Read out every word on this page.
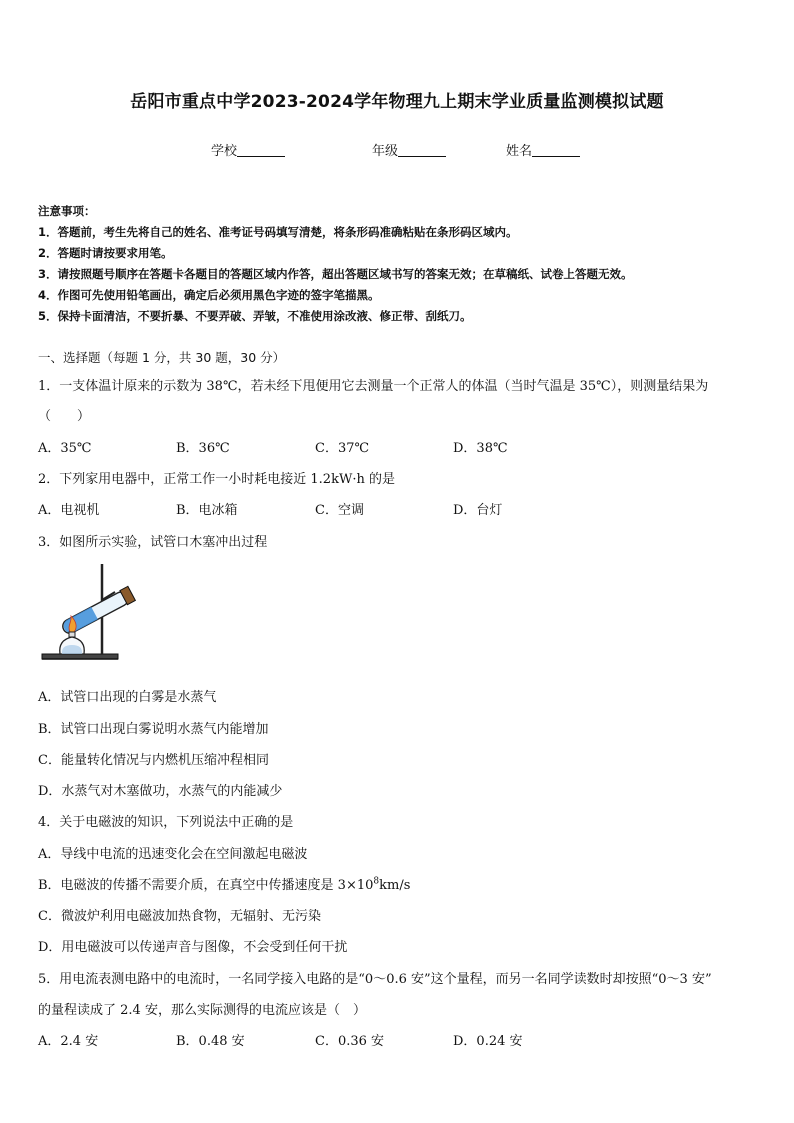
岳阳市重点中学2023-2024学年物理九上期末学业质量监测模拟试题
学校	年级	姓名
注意事项：
1．答题前，考生先将自己的姓名、准考证号码填写清楚，将条形码准确粘贴在条形码区域内。
2．答题时请按要求用笔。
3．请按照题号顺序在答题卡各题目的答题区域内作答，超出答题区域书写的答案无效；在草稿纸、试卷上答题无效。
4．作图可先使用铅笔画出，确定后必须用黑色字迹的签字笔描黑。
5．保持卡面清洁，不要折暴、不要弄破、弄皱，不准使用涂改液、修正带、刮纸刀。
一、选择题（每题 1 分，共 30 题，30 分）
1．一支体温计原来的示数为 38℃，若未经下甩便用它去测量一个正常人的体温（当时气温是 35℃），则测量结果为
（　　）
A．35℃	B．36℃	C．37℃	D．38℃
2．下列家用电器中，正常工作一小时耗电接近 1.2kW·h 的是
A．电视机	B．电冰箱	C．空调	D．台灯
3．如图所示实验，试管口木塞冲出过程
A．试管口出现的白雾是水蒸气
B．试管口出现白雾说明水蒸气内能增加
C．能量转化情况与内燃机压缩冲程相同
D．水蒸气对木塞做功，水蒸气的内能减少
4．关于电磁波的知识，下列说法中正确的是
A．导线中电流的迅速变化会在空间激起电磁波
B．电磁波的传播不需要介质，在真空中传播速度是 $3\times 10^8km/s$
C．微波炉利用电磁波加热食物，无辐射、无污染
D．用电磁波可以传递声音与图像，不会受到任何干扰
5．用电流表测电路中的电流时，一名同学接入电路的是“0～0.6 安”这个量程，而另一名同学读数时却按照“0～3 安”
的量程读成了 2.4 安，那么实际测得的电流应该是（　）
A．2.4 安	B．0.48 安	C．0.36 安	D．0.24 安
